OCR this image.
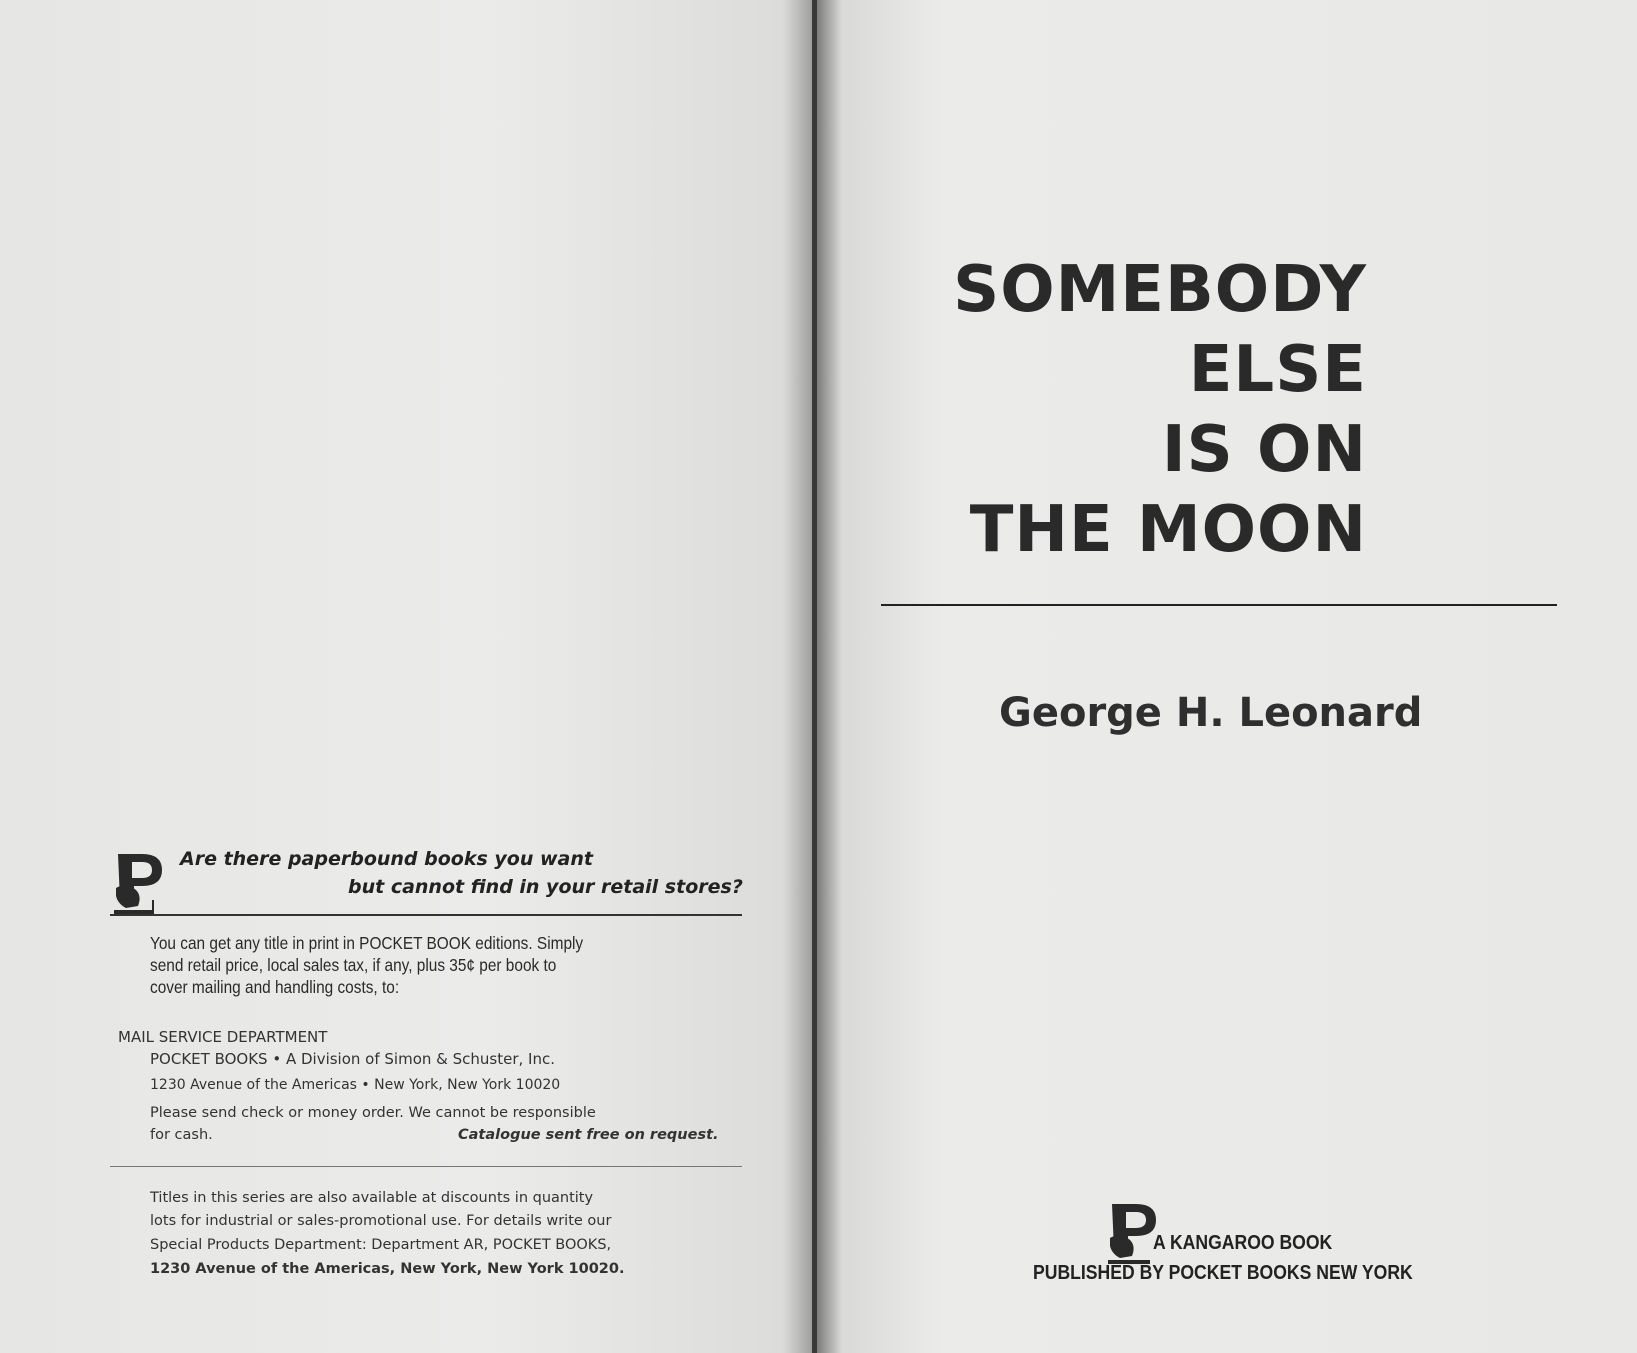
Are there paperbound books you want
but cannot find in your retail stores?
You can get any title in print in POCKET BOOK editions. Simply
send retail price, local sales tax, if any, plus 35¢ per book to
cover mailing and handling costs, to:
MAIL SERVICE DEPARTMENT
POCKET BOOKS • A Division of Simon & Schuster, Inc.
1230 Avenue of the Americas • New York, New York 10020
Please send check or money order. We cannot be responsible
for cash.	Catalogue sent free on request.
Titles in this series are also available at discounts in quantity
lots for industrial or sales-promotional use. For details write our
Special Products Department: Department AR, POCKET BOOKS,
1230 Avenue of the Americas, New York, New York 10020.
SOMEBODY
ELSE
IS ON
THE MOON
George H. Leonard
A KANGAROO BOOK
PUBLISHED BY POCKET BOOKS NEW YORK
